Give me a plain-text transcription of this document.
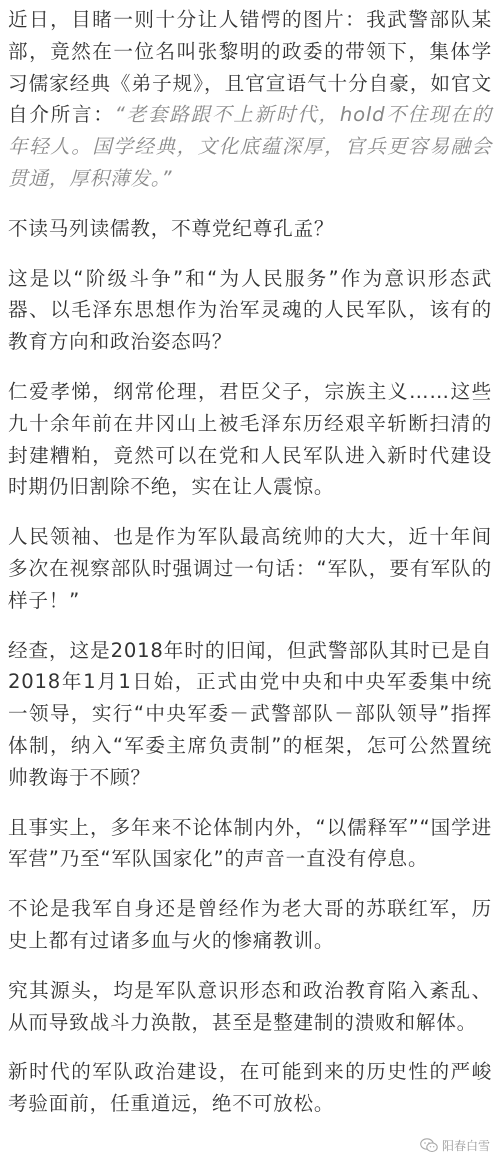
近日，目睹一则十分让人错愕的图片：我武警部队某部，竟然在一位名叫张黎明的政委的带领下，集体学习儒家经典《弟子规》，且官宣语气十分自豪，如官文自介所言：“老套路跟不上新时代，hold不住现在的年轻人。国学经典，文化底蕴深厚，官兵更容易融会贯通，厚积薄发。”

不读马列读儒教，不尊党纪尊孔孟？

这是以“阶级斗争”和“为人民服务”作为意识形态武器、以毛泽东思想作为治军灵魂的人民军队，该有的教育方向和政治姿态吗？

仁爱孝悌，纲常伦理，君臣父子，宗族主义……这些九十余年前在井冈山上被毛泽东历经艰辛斩断扫清的封建糟粕，竟然可以在党和人民军队进入新时代建设时期仍旧割除不绝，实在让人震惊。

人民领袖、也是作为军队最高统帅的大大，近十年间多次在视察部队时强调过一句话：“军队，要有军队的样子！”

经查，这是2018年时的旧闻，但武警部队其时已是自2018年1月1日始，正式由党中央和中央军委集中统一领导，实行“中央军委－武警部队－部队领导”指挥体制，纳入“军委主席负责制”的框架，怎可公然置统帅教诲于不顾？

且事实上，多年来不论体制内外，“以儒释军”“国学进军营”乃至“军队国家化”的声音一直没有停息。

不论是我军自身还是曾经作为老大哥的苏联红军，历史上都有过诸多血与火的惨痛教训。

究其源头，均是军队意识形态和政治教育陷入紊乱、从而导致战斗力涣散，甚至是整建制的溃败和解体。

新时代的军队政治建设，在可能到来的历史性的严峻考验面前，任重道远，绝不可放松。

阳春白雪
